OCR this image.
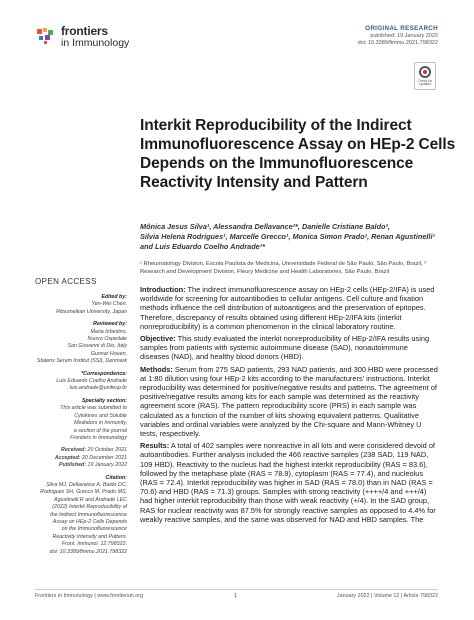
frontiers
in Immunology
ORIGINAL RESEARCH
published: 19 January 2022
doi: 10.3389/fimmu.2021.798322
Check for updates
Interkit Reproducibility of the Indirect Immunofluorescence Assay on HEp-2 Cells Depends on the Immunofluorescence Reactivity Intensity and Pattern
Mônica Jesus Silva¹, Alessandra Dellavance²*, Danielle Cristiane Baldo²,
Silvia Helena Rodrigues¹, Marcelle Grecco¹, Monica Simon Prado¹, Renan Agustinelli¹
and Luis Eduardo Coelho Andrade¹*
¹ Rheumatology Division, Escola Paulista de Medicina, Universidade Federal de São Paulo, São Paulo, Brazil, ² Research and Development Division, Fleury Medicine and Health Laboratories, São Paulo, Brazil
OPEN ACCESS
Edited by:
Yen-Wei Chen,
Ritsumeikan University, Japan
Reviewed by:
Maria Infantino,
Nuovo Ospedale
San Giovanni di Dio, Italy
Gunnar Houen,
Statens Serum Institut (SSI), Denmark
*Correspondence:
Luis Eduardo Coelho Andrade
luis.andrade@unifesp.br
Specialty section:
This article was submitted to
Cytokines and Soluble
Mediators in Immunity,
a section of the journal
Frontiers in Immunology
Received: 20 October 2021
Accepted: 20 December 2021
Published: 19 January 2022
Citation:
Silva MJ, Dellavance A, Baldo DC,
Rodrigues SH, Grecco M, Prado MS,
Agustinelli R and Andrade LEC
(2022) Interkit Reproducibility of
the Indirect Immunofluorescence
Assay on HEp-2 Cells Depends
on the Immunofluorescence
Reactivity Intensity and Pattern.
Front. Immunol. 12:798322.
doi: 10.3389/fimmu.2021.798322

Introduction: The indirect immunofluorescence assay on HEp-2 cells (HEp-2/IFA) is used worldwide for screening for autoantibodies to cellular antigens. Cell culture and fixation methods influence the cell distribution of autoantigens and the preservation of epitopes. Therefore, discrepancy of results obtained using different HEp-2/IFA kits (interkit nonreproducibility) is a common phenomenon in the clinical laboratory routine.

Objective: This study evaluated the interkit nonreproducibility of HEp-2/IFA results using samples from patients with systemic autoimmune disease (SAD), nonautoimmune diseases (NAD), and healthy blood donors (HBD).

Methods: Serum from 275 SAD patients, 293 NAD patients, and 300 HBD were processed at 1:80 dilution using four HEp-2 kits according to the manufacturers' instructions. Interkit reproducibility was determined for positive/negative results and patterns. The agreement of positive/negative results among kits for each sample was determined as the reactivity agreement score (RAS). The pattern reproducibility score (PRS) in each sample was calculated as a function of the number of kits showing equivalent patterns. Qualitative variables and ordinal variables were analyzed by the Chi-square and Mann-Whitney U tests, respectively.

Results: A total of 402 samples were nonreactive in all kits and were considered devoid of autoantibodies. Further analysis included the 466 reactive samples (238 SAD, 119 NAD, 109 HBD). Reactivity to the nucleus had the highest interkit reproducibility (RAS = 83.6), followed by the metaphase plate (RAS = 78.9), cytoplasm (RAS = 77.4), and nucleolus (RAS = 72.4). Interkit reproducibility was higher in SAD (RAS = 78.0) than in NAD (RAS = 70.6) and HBD (RAS = 71.3) groups. Samples with strong reactivity (++++/4 and +++/4) had higher interkit reproducibility than those with weak reactivity (+/4). In the SAD group, RAS for nuclear reactivity was 87.5% for strongly reactive samples as opposed to 4.4% for weakly reactive samples, and the same was observed for NAD and HBD samples. The

Frontiers in Immunology | www.frontiersin.org	1	January 2022 | Volume 12 | Article 798322
